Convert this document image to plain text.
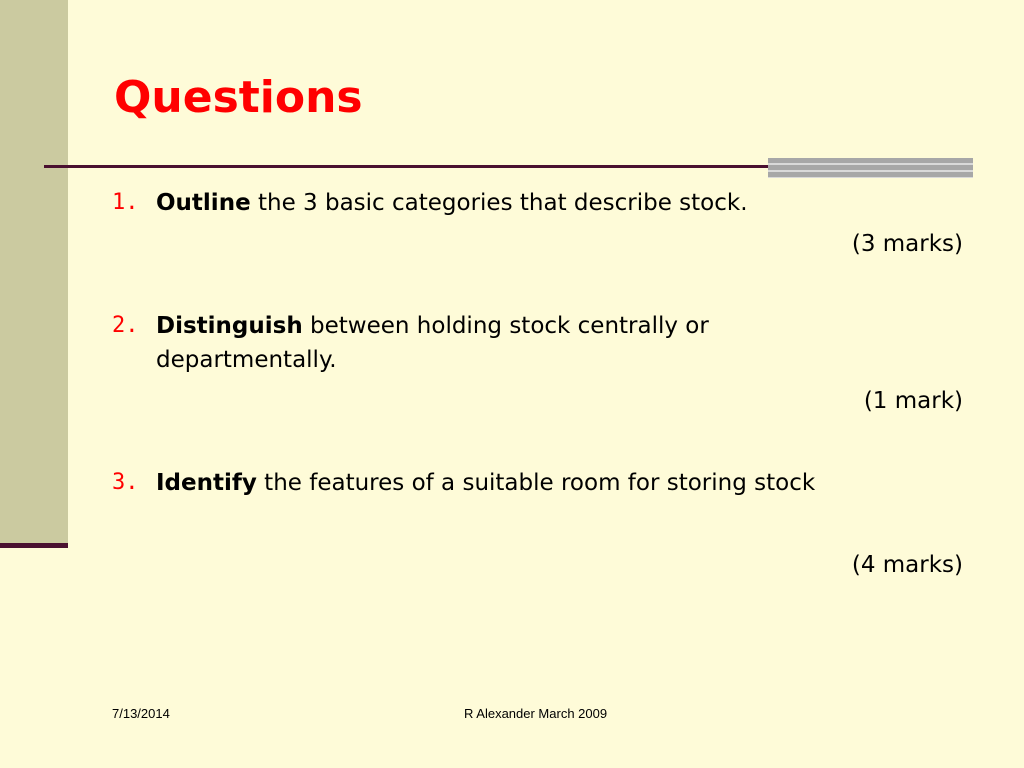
Questions
1. Outline the 3 basic categories that describe stock.
(3 marks)
2. Distinguish between holding stock centrally or departmentally.
(1 mark)
3. Identify the features of a suitable room for storing stock
(4 marks)
7/13/2014	R Alexander March 2009
